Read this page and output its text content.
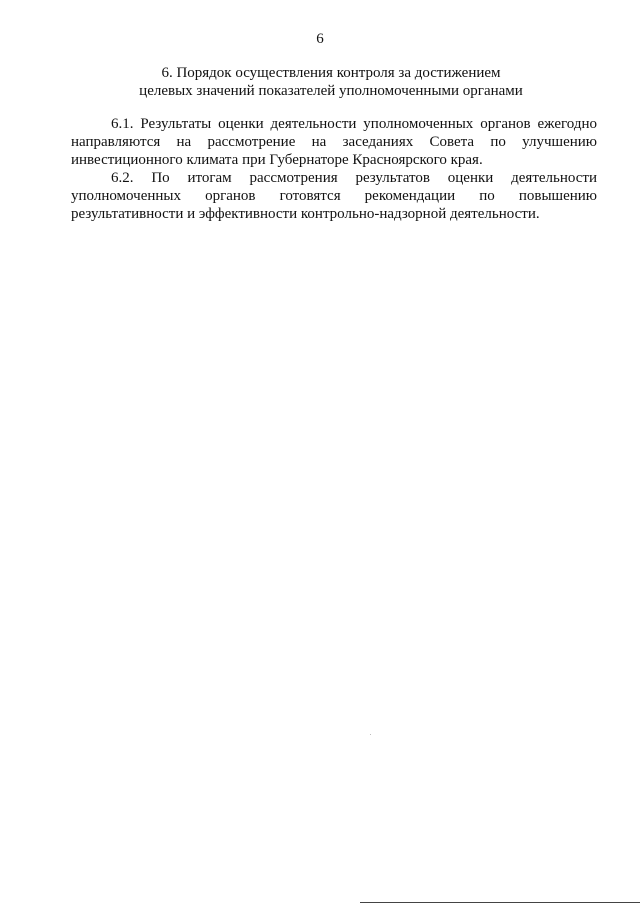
6
6. Порядок осуществления контроля за достижением
целевых значений показателей уполномоченными органами

6.1. Результаты оценки деятельности уполномоченных органов ежегодно направляются на рассмотрение на заседаниях Совета по улучшению инвестиционного климата при Губернаторе Красноярского края.

6.2. По итогам рассмотрения результатов оценки деятельности уполномоченных органов готовятся рекомендации по повышению результативности и эффективности контрольно-надзорной деятельности.
